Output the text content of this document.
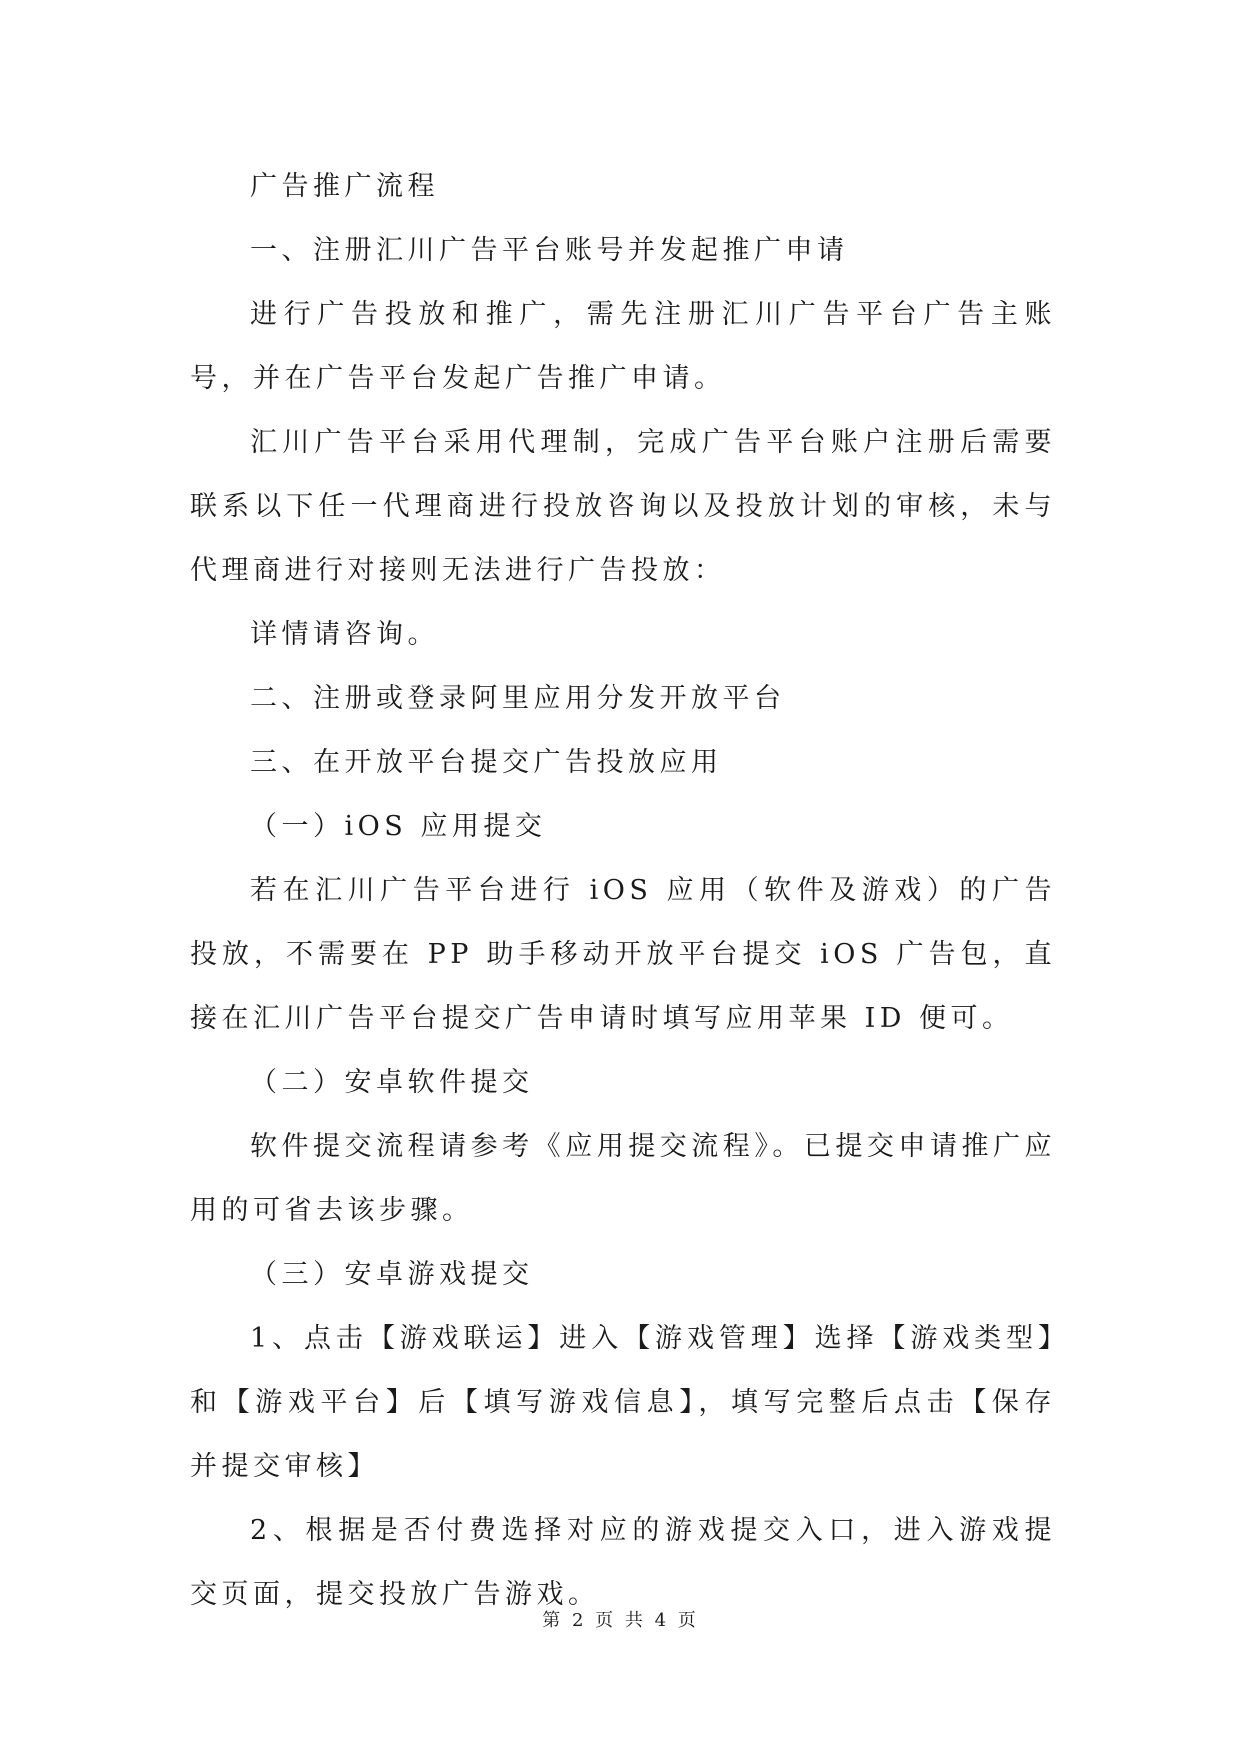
广告推广流程

一、注册汇川广告平台账号并发起推广申请

进行广告投放和推广，需先注册汇川广告平台广告主账号，并在广告平台发起广告推广申请。

汇川广告平台采用代理制，完成广告平台账户注册后需要联系以下任一代理商进行投放咨询以及投放计划的审核，未与代理商进行对接则无法进行广告投放：

详情请咨询。

二、注册或登录阿里应用分发开放平台

三、在开放平台提交广告投放应用

（一）iOS 应用提交

若在汇川广告平台进行 iOS 应用（软件及游戏）的广告投放，不需要在 PP 助手移动开放平台提交 iOS 广告包，直接在汇川广告平台提交广告申请时填写应用苹果 ID 便可。

（二）安卓软件提交

软件提交流程请参考《应用提交流程》。已提交申请推广应用的可省去该步骤。

（三）安卓游戏提交

1、点击【游戏联运】进入【游戏管理】选择【游戏类型】和【游戏平台】后【填写游戏信息】，填写完整后点击【保存并提交审核】

2、根据是否付费选择对应的游戏提交入口，进入游戏提交页面，提交投放广告游戏。

第 2 页 共 4 页
